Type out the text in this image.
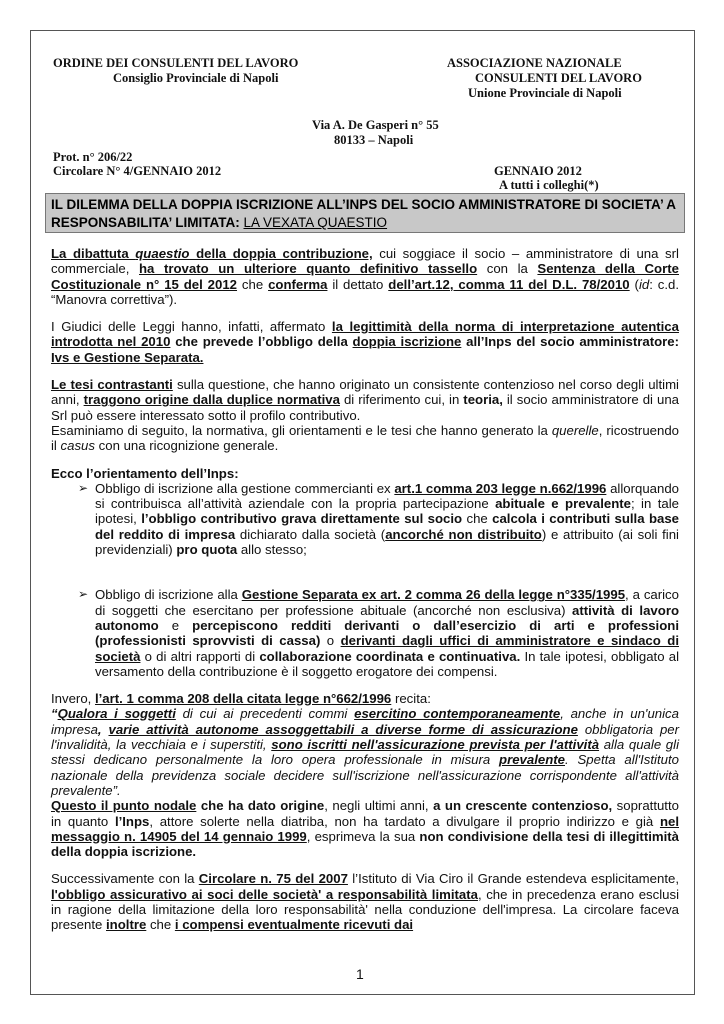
ORDINE DEI CONSULENTI DEL LAVORO
Consiglio Provinciale di Napoli
ASSOCIAZIONE NAZIONALE
CONSULENTI DEL LAVORO
Unione Provinciale di Napoli
Via A. De Gasperi n° 55
80133 – Napoli
Prot. n° 206/22
Circolare N° 4/GENNAIO 2012	GENNAIO 2012
A tutti i colleghi(*)
IL DILEMMA DELLA DOPPIA ISCRIZIONE ALL’INPS DEL SOCIO AMMINISTRATORE DI SOCIETA’ A RESPONSABILITA’ LIMITATA: LA VEXATA QUAESTIO

La dibattuta quaestio della doppia contribuzione, cui soggiace il socio – amministratore di una srl commerciale, ha trovato un ulteriore quanto definitivo tassello con la Sentenza della Corte Costituzionale n° 15 del 2012 che conferma il dettato dell’art.12, comma 11 del D.L. 78/2010 (id: c.d. “Manovra correttiva”).

I Giudici delle Leggi hanno, infatti, affermato la legittimità della norma di interpretazione autentica introdotta nel 2010 che prevede l’obbligo della doppia iscrizione all’Inps del socio amministratore: Ivs e Gestione Separata.

Le tesi contrastanti sulla questione, che hanno originato un consistente contenzioso nel corso degli ultimi anni, traggono origine dalla duplice normativa di riferimento cui, in teoria, il socio amministratore di una Srl può essere interessato sotto il profilo contributivo.

Esaminiamo di seguito, la normativa, gli orientamenti e le tesi che hanno generato la querelle, ricostruendo il casus con una ricognizione generale.

Ecco l’orientamento dell’Inps:

➢ Obbligo di iscrizione alla gestione commercianti ex art.1 comma 203 legge n.662/1996 allorquando si contribuisca all’attività aziendale con la propria partecipazione abituale e prevalente; in tale ipotesi, l’obbligo contributivo grava direttamente sul socio che calcola i contributi sulla base del reddito di impresa dichiarato dalla società (ancorché non distribuito) e attribuito (ai soli fini previdenziali) pro quota allo stesso;
➢ Obbligo di iscrizione alla Gestione Separata ex art. 2 comma 26 della legge n°335/1995, a carico di soggetti che esercitano per professione abituale (ancorché non esclusiva) attività di lavoro autonomo e percepiscono redditi derivanti o dall’esercizio di arti e professioni (professionisti sprovvisti di cassa) o derivanti dagli uffici di amministratore e sindaco di società o di altri rapporti di collaborazione coordinata e continuativa. In tale ipotesi, obbligato al versamento della contribuzione è il soggetto erogatore dei compensi.

Invero, l’art. 1 comma 208 della citata legge n°662/1996 recita:

“Qualora i soggetti di cui ai precedenti commi esercitino contemporaneamente, anche in un'unica impresa, varie attività autonome assoggettabili a diverse forme di assicurazione obbligatoria per l'invalidità, la vecchiaia e i superstiti, sono iscritti nell'assicurazione prevista per l'attività alla quale gli stessi dedicano personalmente la loro opera professionale in misura prevalente. Spetta all'Istituto nazionale della previdenza sociale decidere sull'iscrizione nell'assicurazione corrispondente all'attività prevalente”.

Questo il punto nodale che ha dato origine, negli ultimi anni, a un crescente contenzioso, soprattutto in quanto l’Inps, attore solerte nella diatriba, non ha tardato a divulgare il proprio indirizzo e già nel messaggio n. 14905 del 14 gennaio 1999, esprimeva la sua non condivisione della tesi di illegittimità della doppia iscrizione.

Successivamente con la Circolare n. 75 del 2007 l’Istituto di Via Ciro il Grande estendeva esplicitamente, l'obbligo assicurativo ai soci delle società' a responsabilità limitata, che in precedenza erano esclusi in ragione della limitazione della loro responsabilità' nella conduzione dell'impresa. La circolare faceva presente inoltre che i compensi eventualmente ricevuti dai

1
